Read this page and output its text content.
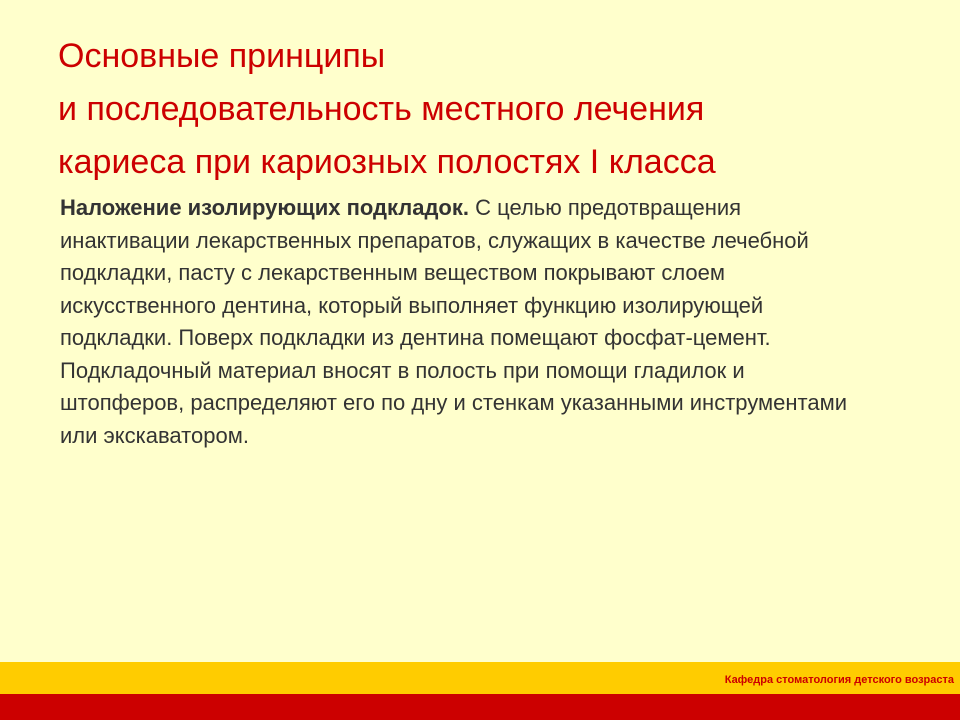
Основные принципы
и последовательность местного лечения
кариеса при кариозных полостях I класса

Наложение изолирующих подкладок. С целью предотвращения инактивации лекарственных препаратов, служащих в качестве лечебной подкладки, пасту с лекарственным веществом покрывают слоем искусственного дентина, который выполняет функцию изолирующей подкладки. Поверх подкладки из дентина помещают фосфат-цемент. Подкладочный материал вносят в полость при помощи гладилок и штопферов, распределяют его по дну и стенкам указанными инструментами или экскаватором.

Кафедра стоматология детского возраста
